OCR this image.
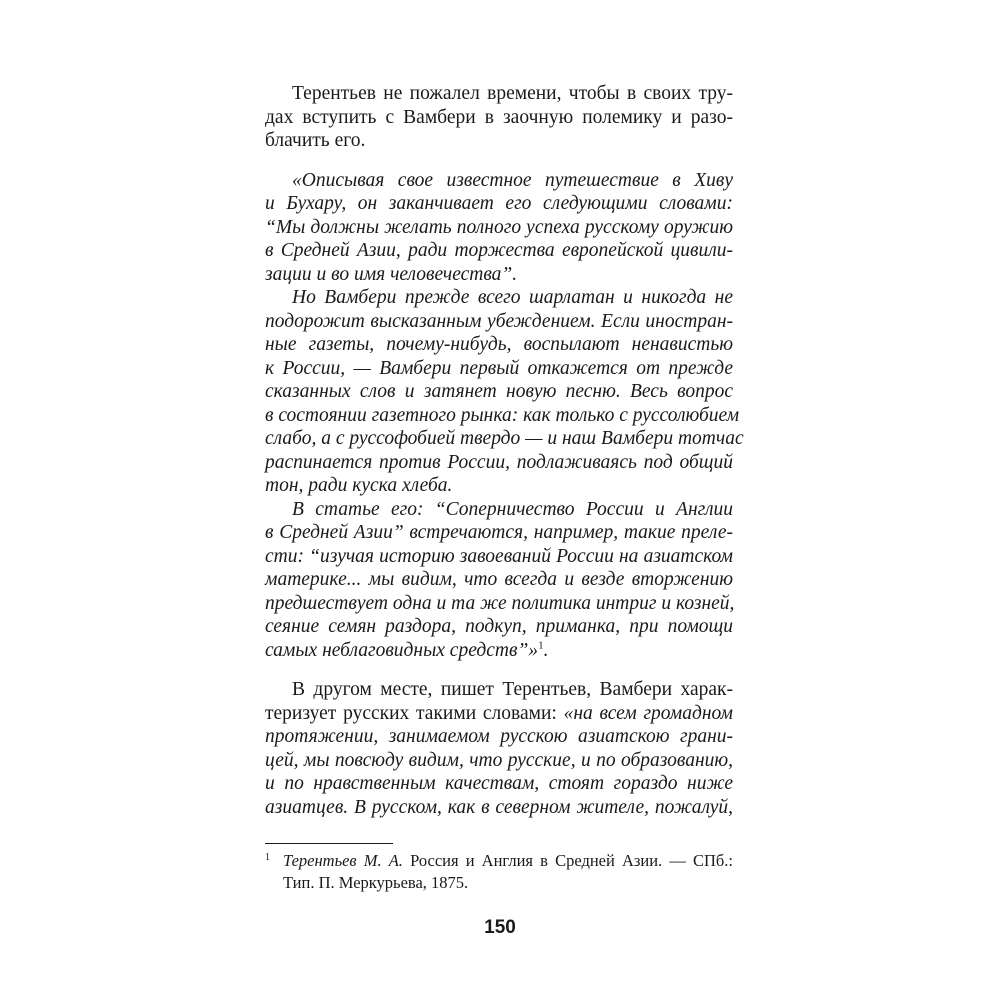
Терентьев не пожалел времени, чтобы в своих тру-
дах вступить с Вамбери в заочную полемику и разо-
блачить его.
«Описывая свое известное путешествие в Хиву
и Бухару, он заканчивает его следующими словами:
“Мы должны желать полного успеха русскому оружию
в Средней Азии, ради торжества европейской цивили-
зации и во имя человечества”.
Но Вамбери прежде всего шарлатан и никогда не
подорожит высказанным убеждением. Если иностран-
ные газеты, почему-нибудь, воспылают ненавистью
к России, — Вамбери первый откажется от прежде
сказанных слов и затянет новую песню. Весь вопрос
в состоянии газетного рынка: как только с руссолюбием
слабо, а с руссофобией твердо — и наш Вамбери тотчас
распинается против России, подлаживаясь под общий
тон, ради куска хлеба.
В статье его: “Соперничество России и Англии
в Средней Азии” встречаются, например, такие преле-
сти: “изучая историю завоеваний России на азиатском
материке... мы видим, что всегда и везде вторжению
предшествует одна и та же политика интриг и козней,
сеяние семян раздора, подкуп, приманка, при помощи
самых неблаговидных средств”»$^1$.
В другом месте, пишет Терентьев, Вамбери харак-
теризует русских такими словами: «на всем громадном
протяжении, занимаемом русскою азиатскою грани-
цей, мы повсюду видим, что русские, и по образованию,
и по нравственным качествам, стоят гораздо ниже
азиатцев. В русском, как в северном жителе, пожалуй,
1 Терентьев М. А. Россия и Англия в Средней Азии. — СПб.:
Тип. П. Меркурьева, 1875.
150
